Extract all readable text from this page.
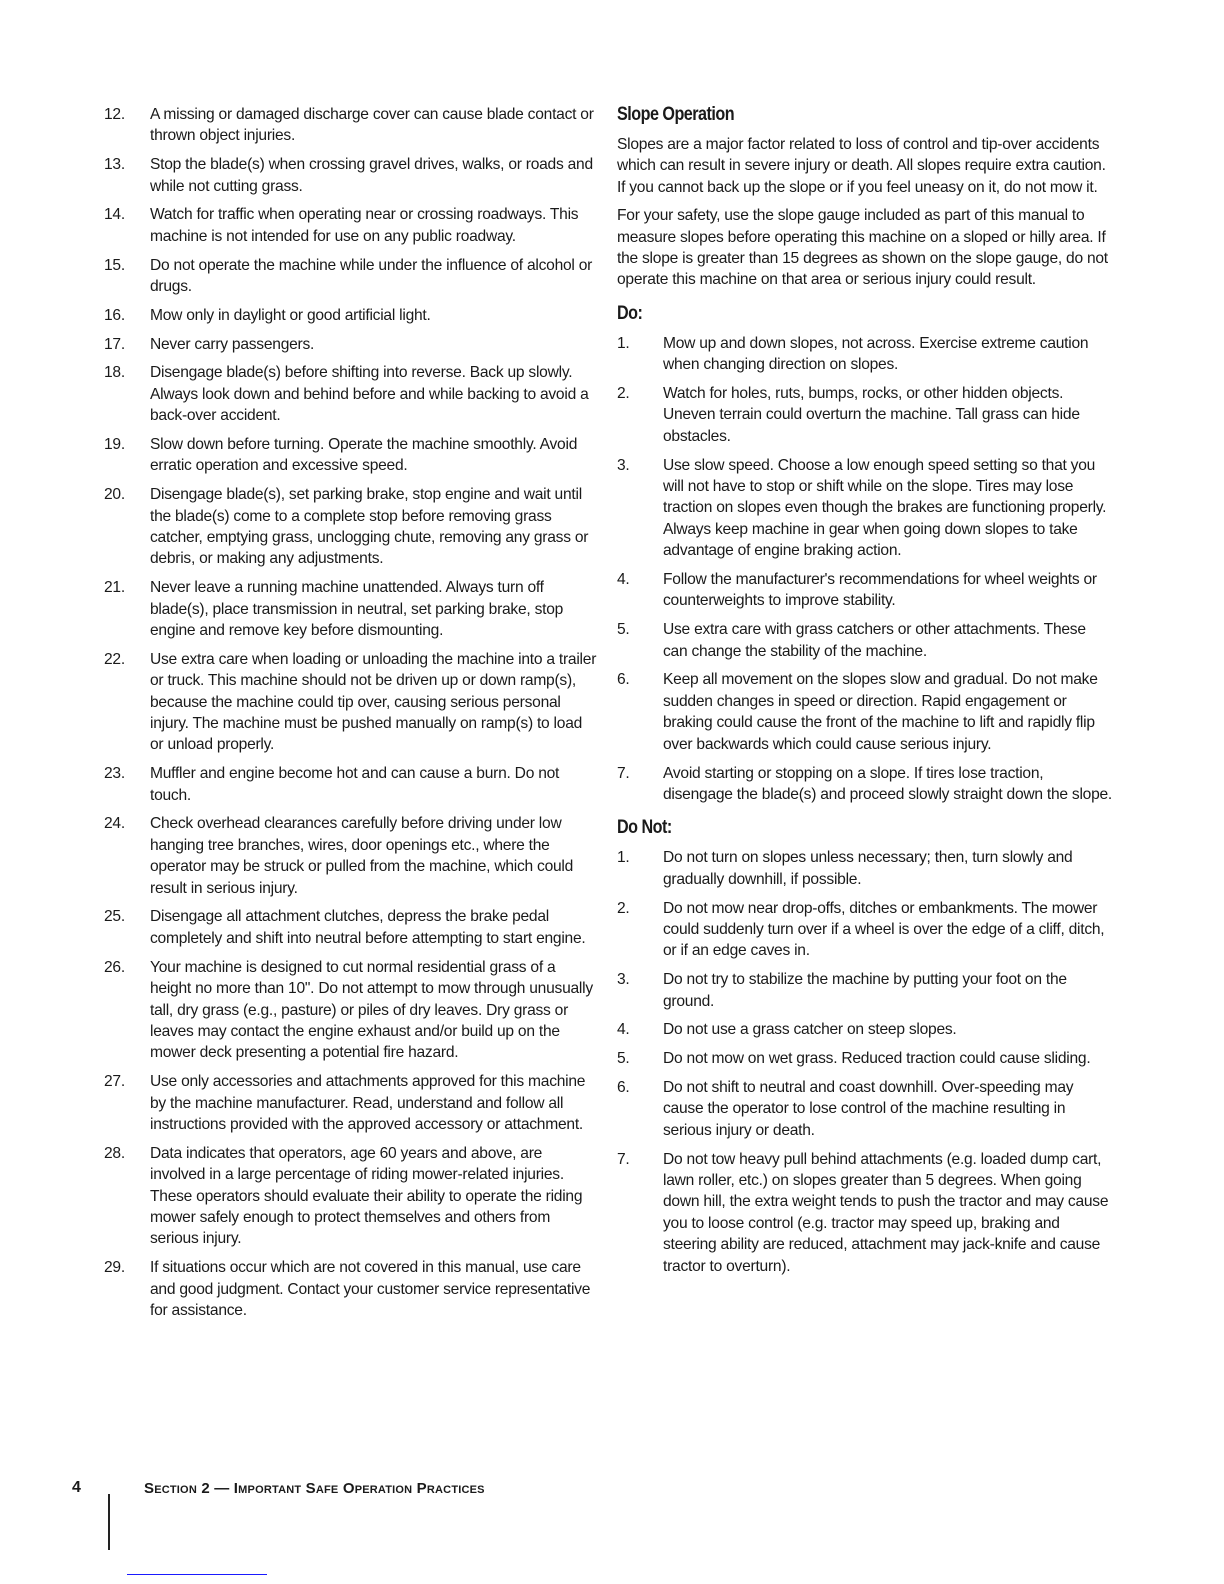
12.	A missing or damaged discharge cover can cause blade contact or thrown object injuries.
13.	Stop the blade(s) when crossing gravel drives, walks, or roads and while not cutting grass.
14.	Watch for traffic when operating near or crossing roadways. This machine is not intended for use on any public roadway.
15.	Do not operate the machine while under the influence of alcohol or drugs.
16.	Mow only in daylight or good artificial light.
17.	Never carry passengers.
18.	Disengage blade(s) before shifting into reverse. Back up slowly. Always look down and behind before and while backing to avoid a back-over accident.
19.	Slow down before turning. Operate the machine smoothly. Avoid erratic operation and excessive speed.
20.	Disengage blade(s), set parking brake, stop engine and wait until the blade(s) come to a complete stop before removing grass catcher, emptying grass, unclogging chute, removing any grass or debris, or making any adjustments.
21.	Never leave a running machine unattended. Always turn off blade(s), place transmission in neutral, set parking brake, stop engine and remove key before dismounting.
22.	Use extra care when loading or unloading the machine into a trailer or truck. This machine should not be driven up or down ramp(s), because the machine could tip over, causing serious personal injury. The machine must be pushed manually on ramp(s) to load or unload properly.
23.	Muffler and engine become hot and can cause a burn. Do not touch.
24.	Check overhead clearances carefully before driving under low hanging tree branches, wires, door openings etc., where the operator may be struck or pulled from the machine, which could result in serious injury.
25.	Disengage all attachment clutches, depress the brake pedal completely and shift into neutral before attempting to start engine.
26.	Your machine is designed to cut normal residential grass of a height no more than 10". Do not attempt to mow through unusually tall, dry grass (e.g., pasture) or piles of dry leaves. Dry grass or leaves may contact the engine exhaust and/or build up on the mower deck presenting a potential fire hazard.
27.	Use only accessories and attachments approved for this machine by the machine manufacturer. Read, understand and follow all instructions provided with the approved accessory or attachment.
28.	Data indicates that operators, age 60 years and above, are involved in a large percentage of riding mower-related injuries. These operators should evaluate their ability to operate the riding mower safely enough to protect themselves and others from serious injury.
29.	If situations occur which are not covered in this manual, use care and good judgment. Contact your customer service representative for assistance.
Slope Operation

Slopes are a major factor related to loss of control and tip-over accidents which can result in severe injury or death. All slopes require extra caution. If you cannot back up the slope or if you feel uneasy on it, do not mow it.

For your safety, use the slope gauge included as part of this manual to measure slopes before operating this machine on a sloped or hilly area. If the slope is greater than 15 degrees as shown on the slope gauge, do not operate this machine on that area or serious injury could result.

Do:
1.	Mow up and down slopes, not across. Exercise extreme caution when changing direction on slopes.
2.	Watch for holes, ruts, bumps, rocks, or other hidden objects. Uneven terrain could overturn the machine. Tall grass can hide obstacles.
3.	Use slow speed. Choose a low enough speed setting so that you will not have to stop or shift while on the slope. Tires may lose traction on slopes even though the brakes are functioning properly. Always keep machine in gear when going down slopes to take advantage of engine braking action.
4.	Follow the manufacturer's recommendations for wheel weights or counterweights to improve stability.
5.	Use extra care with grass catchers or other attachments. These can change the stability of the machine.
6.	Keep all movement on the slopes slow and gradual. Do not make sudden changes in speed or direction. Rapid engagement or braking could cause the front of the machine to lift and rapidly flip over backwards which could cause serious injury.
7.	Avoid starting or stopping on a slope. If tires lose traction, disengage the blade(s) and proceed slowly straight down the slope.
Do Not:
1.	Do not turn on slopes unless necessary; then, turn slowly and gradually downhill, if possible.
2.	Do not mow near drop-offs, ditches or embankments. The mower could suddenly turn over if a wheel is over the edge of a cliff, ditch, or if an edge caves in.
3.	Do not try to stabilize the machine by putting your foot on the ground.
4.	Do not use a grass catcher on steep slopes.
5.	Do not mow on wet grass. Reduced traction could cause sliding.
6.	Do not shift to neutral and coast downhill. Over-speeding may cause the operator to lose control of the machine resulting in serious injury or death.
7.	Do not tow heavy pull behind attachments (e.g. loaded dump cart, lawn roller, etc.) on slopes greater than 5 degrees. When going down hill, the extra weight tends to push the tractor and may cause you to loose control (e.g. tractor may speed up, braking and steering ability are reduced, attachment may jack-knife and cause tractor to overturn).
4	Section 2 — Important Safe Operation Practices
